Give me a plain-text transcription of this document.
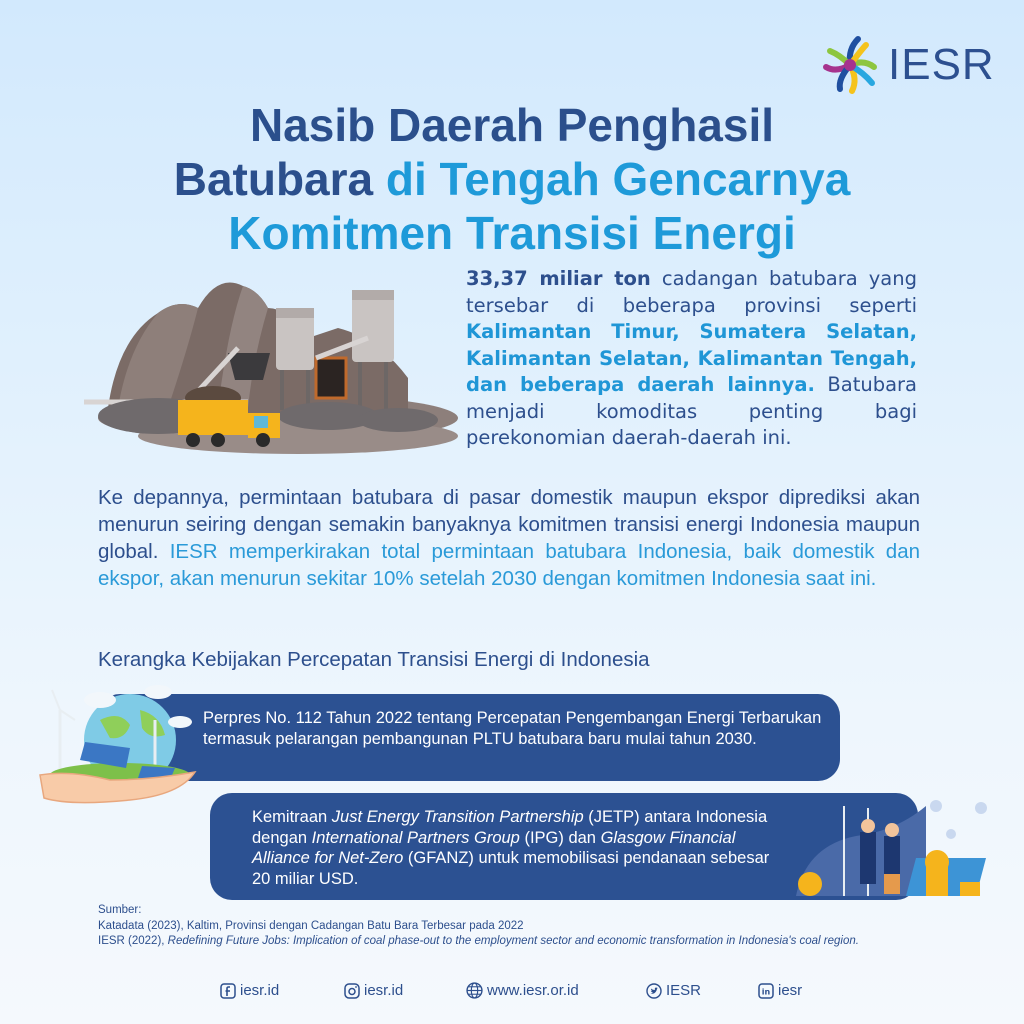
IESR
Nasib Daerah Penghasil
Batubara di Tengah Gencarnya
Komitmen Transisi Energi
33,37 miliar ton cadangan batubara yang tersebar di beberapa provinsi seperti Kalimantan Timur, Sumatera Selatan, Kalimantan Selatan, Kalimantan Tengah, dan beberapa daerah lainnya. Batubara menjadi komoditas penting bagi perekonomian daerah-daerah ini.
Ke depannya, permintaan batubara di pasar domestik maupun ekspor diprediksi akan menurun seiring dengan semakin banyaknya komitmen transisi energi Indonesia maupun global. IESR memperkirakan total permintaan batubara Indonesia, baik domestik dan ekspor, akan menurun sekitar 10% setelah 2030 dengan komitmen Indonesia saat ini.
Kerangka Kebijakan Percepatan Transisi Energi di Indonesia
Perpres No. 112 Tahun 2022 tentang Percepatan Pengembangan Energi Terbarukan termasuk pelarangan pembangunan PLTU batubara baru mulai tahun 2030.
Kemitraan Just Energy Transition Partnership (JETP) antara Indonesia dengan International Partners Group (IPG) dan Glasgow Financial Alliance for Net-Zero (GFANZ) untuk memobilisasi pendanaan sebesar 20 miliar USD.
Sumber:
Katadata (2023), Kaltim, Provinsi dengan Cadangan Batu Bara Terbesar pada 2022
IESR (2022), Redefining Future Jobs: Implication of coal phase-out to the employment sector and economic transformation in Indonesia's coal region.
iesr.id	iesr.id	www.iesr.or.id	IESR	in iesr
